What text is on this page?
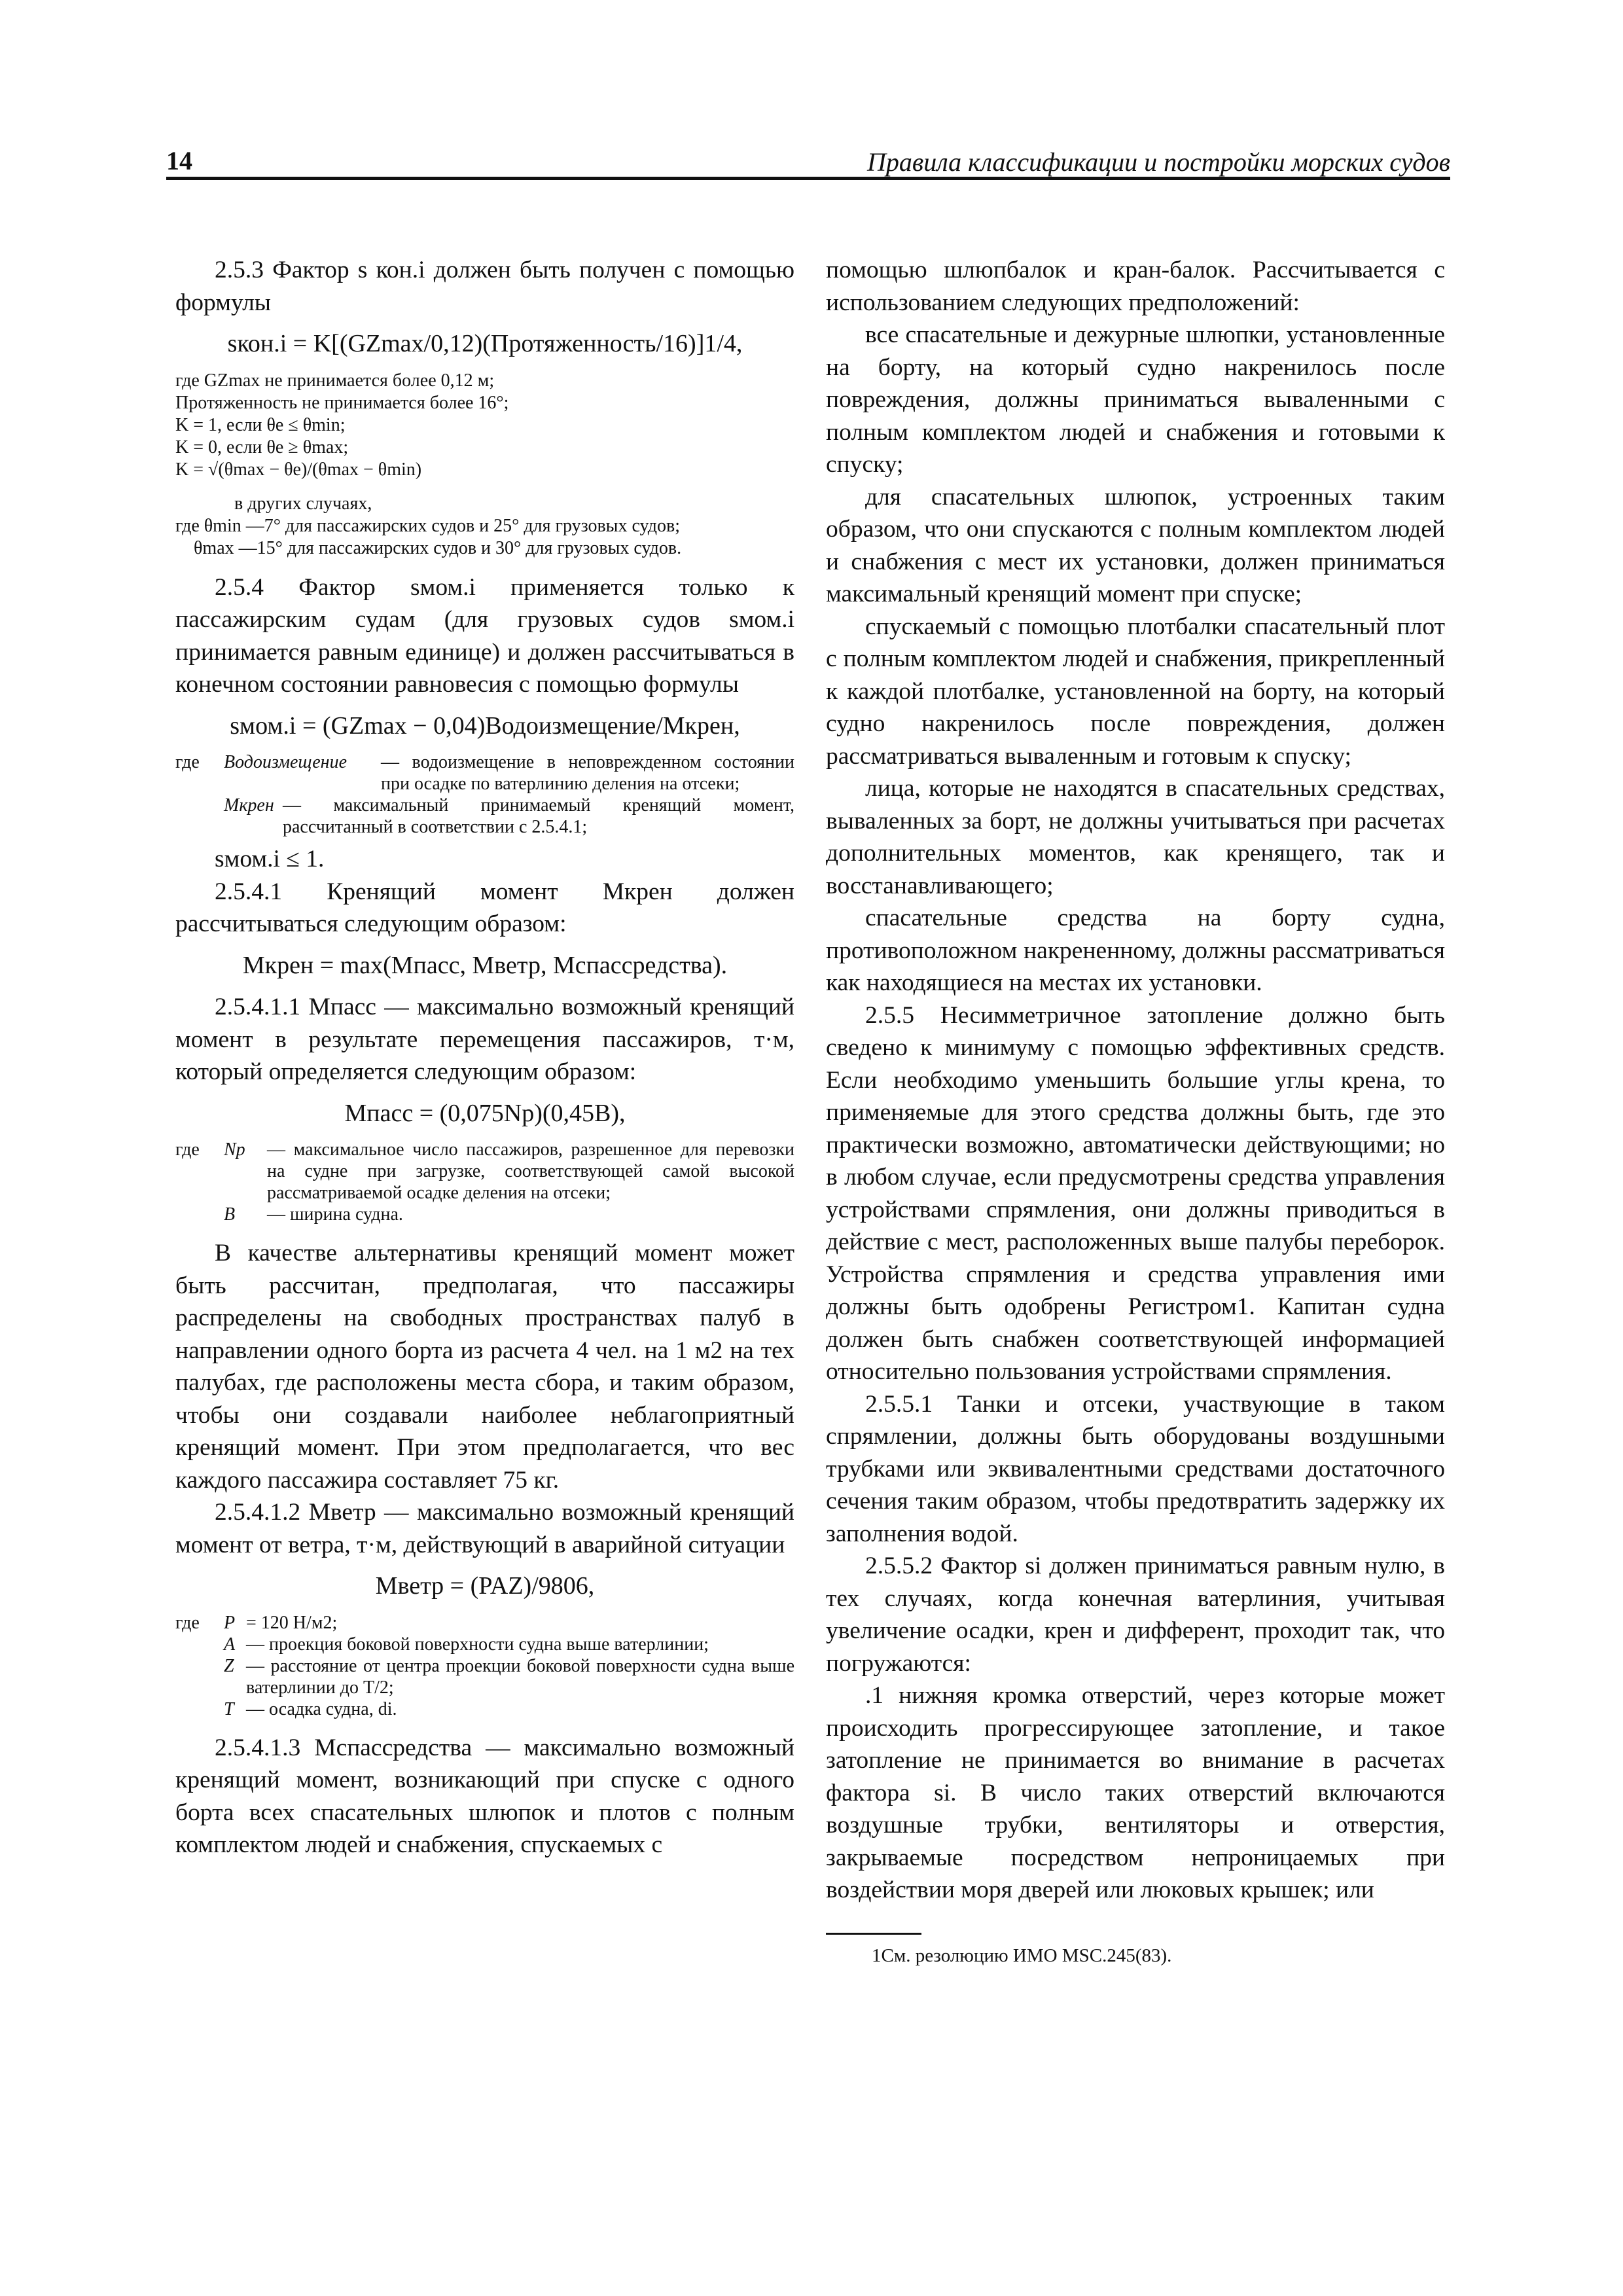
14	Правила классификации и постройки морских судов

2.5.3 Фактор s кон.i должен быть получен с помощью формулы

sкон.i = K[(GZmax/0,12)(Протяженность/16)]1/4,

где GZmax не принимается более 0,12 м;
Протяженность не принимается более 16°;
K = 1, если θe ≤ θmin;
K = 0, если θe ≥ θmax;
K = √(θmax − θe)/(θmax − θmin)
в других случаях,
где θmin —7° для пассажирских судов и 25° для грузовых судов;
θmax —15° для пассажирских судов и 30° для грузовых судов.

2.5.4 Фактор sмом.i применяется только к пассажирским судам (для грузовых судов sмом.i принимается равным единице) и должен рассчитываться в конечном состоянии равновесия с помощью формулы

sмом.i = (GZmax − 0,04)Водоизмещение/Mкрен,

где	Водоизмещение	— водоизмещение в неповрежденном состоянии при осадке по ватерлинию деления на отсеки;
Mкрен — максимальный принимаемый кренящий момент, рассчитанный в соответствии с 2.5.4.1;

sмом.i ≤ 1.

2.5.4.1 Кренящий момент Mкрен должен рассчитываться следующим образом:

Mкрен = max(Mпасс, Mветр, Mспассредства).

2.5.4.1.1 Mпасс — максимально возможный кренящий момент в результате перемещения пассажиров, т·м, который определяется следующим образом:

Mпасс = (0,075Np)(0,45B),

где	Np	— максимальное число пассажиров, разрешенное для перевозки на судне при загрузке, соответствующей самой высокой рассматриваемой осадке деления на отсеки;
B	— ширина судна.

В качестве альтернативы кренящий момент может быть рассчитан, предполагая, что пассажиры распределены на свободных пространствах палуб в направлении одного борта из расчета 4 чел. на 1 м2 на тех палубах, где расположены места сбора, и таким образом, чтобы они создавали наиболее неблагоприятный кренящий момент. При этом предполагается, что вес каждого пассажира составляет 75 кг.

2.5.4.1.2 Mветр — максимально возможный кренящий момент от ветра, т·м, действующий в аварийной ситуации

Mветр = (PAZ)/9806,

где	P = 120 Н/м2;
A — проекция боковой поверхности судна выше ватерлинии;
Z — расстояние от центра проекции боковой поверхности судна выше ватерлинии до T/2;
T — осадка судна, di.

2.5.4.1.3 Mспассредства — максимально возможный кренящий момент, возникающий при спуске с одного борта всех спасательных шлюпок и плотов с полным комплектом людей и снабжения, спускаемых с

помощью шлюпбалок и кран-балок. Рассчитывается с использованием следующих предположений:

все спасательные и дежурные шлюпки, установленные на борту, на который судно накренилось после повреждения, должны приниматься вываленными с полным комплектом людей и снабжения и готовыми к спуску;

для спасательных шлюпок, устроенных таким образом, что они спускаются с полным комплектом людей и снабжения с мест их установки, должен приниматься максимальный кренящий момент при спуске;

спускаемый с помощью плотбалки спасательный плот с полным комплектом людей и снабжения, прикрепленный к каждой плотбалке, установленной на борту, на который судно накренилось после повреждения, должен рассматриваться вываленным и готовым к спуску;

лица, которые не находятся в спасательных средствах, вываленных за борт, не должны учитываться при расчетах дополнительных моментов, как кренящего, так и восстанавливающего;

спасательные средства на борту судна, противоположном накрененному, должны рассматриваться как находящиеся на местах их установки.

2.5.5 Несимметричное затопление должно быть сведено к минимуму с помощью эффективных средств. Если необходимо уменьшить большие углы крена, то применяемые для этого средства должны быть, где это практически возможно, автоматически действующими; но в любом случае, если предусмотрены средства управления устройствами спрямления, они должны приводиться в действие с мест, расположенных выше палубы переборок. Устройства спрямления и средства управления ими должны быть одобрены Регистром1. Капитан судна должен быть снабжен соответствующей информацией относительно пользования устройствами спрямления.

2.5.5.1 Танки и отсеки, участвующие в таком спрямлении, должны быть оборудованы воздушными трубками или эквивалентными средствами достаточного сечения таким образом, чтобы предотвратить задержку их заполнения водой.

2.5.5.2 Фактор si должен приниматься равным нулю, в тех случаях, когда конечная ватерлиния, учитывая увеличение осадки, крен и дифферент, проходит так, что погружаются:

.1 нижняя кромка отверстий, через которые может происходить прогрессирующее затопление, и такое затопление не принимается во внимание в расчетах фактора si. В число таких отверстий включаются воздушные трубки, вентиляторы и отверстия, закрываемые посредством непроницаемых при воздействии моря дверей или люковых крышек; или

1См. резолюцию ИМО MSC.245(83).
